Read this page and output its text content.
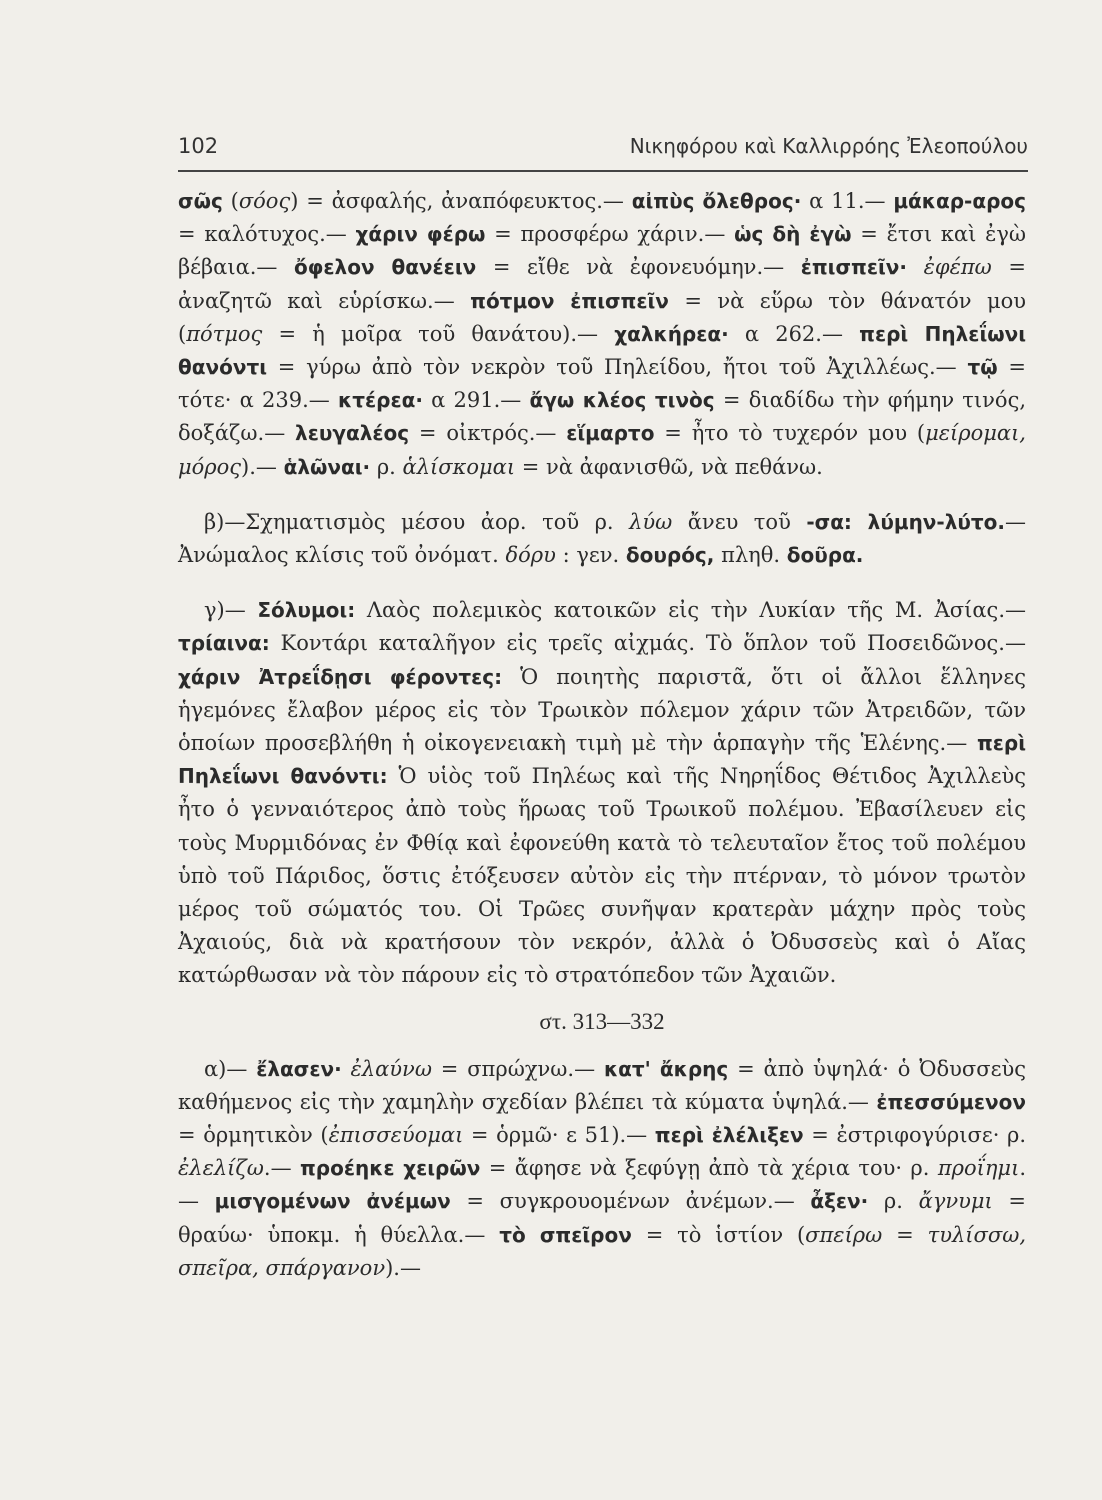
102	Νικηφόρου καὶ Καλλιρρόης Ἐλεοπούλου

σῶς (σόος) = ἀσφαλής, ἀναπόφευκτος.— αἰπὺς ὄλεθρος· α 11.— μάκαρ-αρος = καλότυχος.— χάριν φέρω = προσφέρω χάριν.— ὡς δὴ ἐγὼ = ἔτσι καὶ ἐγὼ βέβαια.— ὄφελον θανέειν = εἴθε νὰ ἐφονευόμην.— ἐπισπεῖν· ἐφέπω = ἀναζητῶ καὶ εὑρίσκω.— πότμον ἐπισπεῖν = νὰ εὕρω τὸν θάνατόν μου (πότμος = ἡ μοῖρα τοῦ θανάτου).— χαλκήρεα· α 262.— περὶ Πηλεΐωνι θανόντι = γύρω ἀπὸ τὸν νεκρὸν τοῦ Πηλείδου, ἤτοι τοῦ Ἀχιλλέως.— τῷ = τότε· α 239.— κτέρεα· α 291.— ἄγω κλέος τινὸς = διαδίδω τὴν φήμην τινός, δοξάζω.— λευγαλέος = οἰκτρός.— εἵμαρτο = ἦτο τὸ τυχερόν μου (μείρομαι, μόρος).— ἁλῶναι· ρ. ἁλίσκομαι = νὰ ἀφανισθῶ, νὰ πεθάνω.

β)—Σχηματισμὸς μέσου ἀορ. τοῦ ρ. λύω ἄνευ τοῦ -σα: λύμην-λύτο.— Ἀνώμαλος κλίσις τοῦ ὀνόματ. δόρυ : γεν. δουρός, πληθ. δοῦρα.

γ)— Σόλυμοι: Λαὸς πολεμικὸς κατοικῶν εἰς τὴν Λυκίαν τῆς Μ. Ἀσίας.— τρίαινα: Κοντάρι καταλῆγον εἰς τρεῖς αἰχμάς. Τὸ ὅπλον τοῦ Ποσειδῶνος.— χάριν Ἀτρεΐδῃσι φέροντες: Ὁ ποιητὴς παριστᾶ, ὅτι οἱ ἄλλοι ἕλληνες ἡγεμόνες ἔλαβον μέρος εἰς τὸν Τρωικὸν πόλεμον χάριν τῶν Ἀτρειδῶν, τῶν ὁποίων προσεβλήθη ἡ οἰκογενειακὴ τιμὴ μὲ τὴν ἁρπαγὴν τῆς Ἑλένης.— περὶ Πηλεΐωνι θανόντι: Ὁ υἱὸς τοῦ Πηλέως καὶ τῆς Νηρηΐδος Θέτιδος Ἀχιλλεὺς ἦτο ὁ γενναιότερος ἀπὸ τοὺς ἥρωας τοῦ Τρωικοῦ πολέμου. Ἐβασίλευεν εἰς τοὺς Μυρμιδόνας ἐν Φθίᾳ καὶ ἐφονεύθη κατὰ τὸ τελευταῖον ἔτος τοῦ πολέμου ὑπὸ τοῦ Πάριδος, ὅστις ἐτόξευσεν αὐτὸν εἰς τὴν πτέρναν, τὸ μόνον τρωτὸν μέρος τοῦ σώματός του. Οἱ Τρῶες συνῆψαν κρατερὰν μάχην πρὸς τοὺς Ἀχαιούς, διὰ νὰ κρατήσουν τὸν νεκρόν, ἀλλὰ ὁ Ὀδυσσεὺς καὶ ὁ Αἴας κατώρθωσαν νὰ τὸν πάρουν εἰς τὸ στρατόπεδον τῶν Ἀχαιῶν.

στ. 313—332

α)— ἔλασεν· ἐλαύνω = σπρώχνω.— κατ' ἄκρης = ἀπὸ ὑψηλά· ὁ Ὀδυσσεὺς καθήμενος εἰς τὴν χαμηλὴν σχεδίαν βλέπει τὰ κύματα ὑψηλά.— ἐπεσσύμενον = ὁρμητικὸν (ἐπισσεύομαι = ὁρμῶ· ε 51).— περὶ ἐλέλιξεν = ἐστριφογύρισε· ρ. ἐλελίζω.— προέηκε χειρῶν = ἄφησε νὰ ξεφύγῃ ἀπὸ τὰ χέρια του· ρ. προΐημι.— μισγομένων ἀνέμων = συγκρουομένων ἀνέμων.— ἆξεν· ρ. ἄγνυμι = θραύω· ὑποκμ. ἡ θύελλα.— τὸ σπεῖρον = τὸ ἱστίον (σπείρω = τυλίσσω, σπεῖρα, σπάργανον).—
